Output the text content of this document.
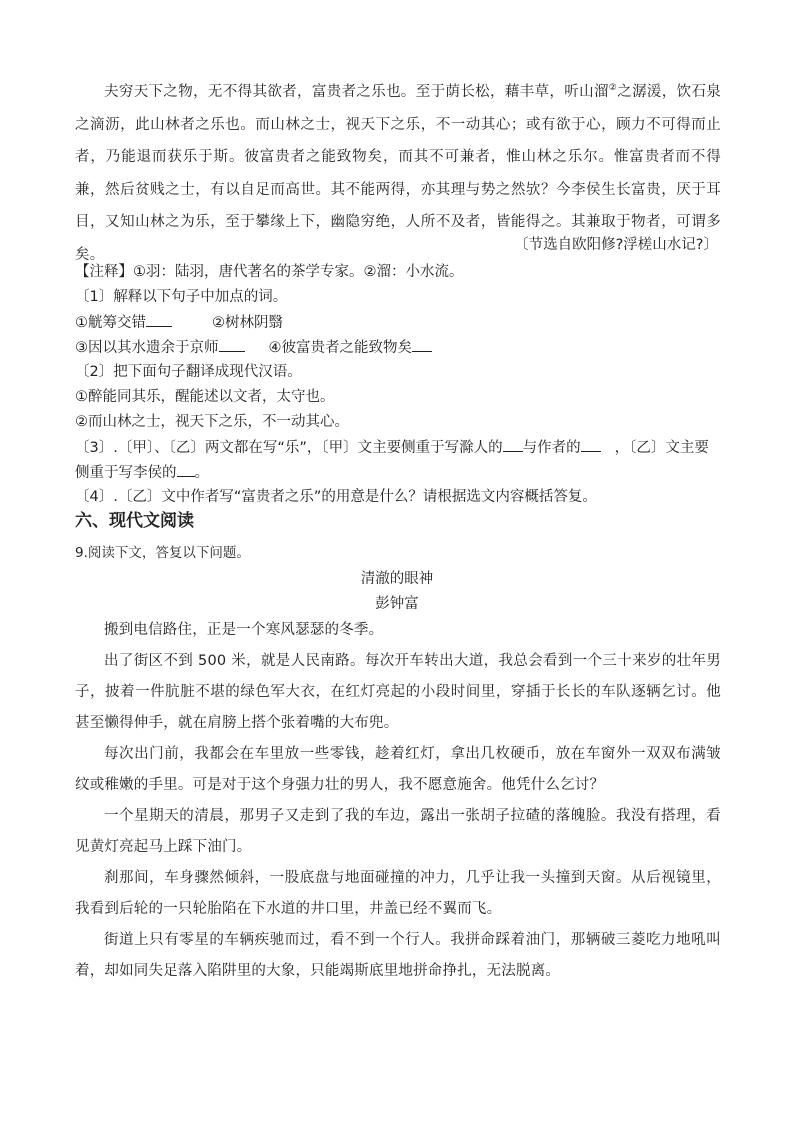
夫穷天下之物，无不得其欲者，富贵者之乐也。至于荫长松，藉丰草，听山溜②之潺湲，饮石泉之滴沥，此山林者之乐也。而山林之士，视天下之乐，不一动其心；或有欲于心，顾力不可得而止者，乃能退而获乐于斯。彼富贵者之能致物矣，而其不可兼者，惟山林之乐尔。惟富贵者而不得兼，然后贫贱之士，有以自足而高世。其不能两得，亦其理与势之然欤？今李侯生长富贵，厌于耳目，又知山林之为乐，至于攀缘上下，幽隐穷绝，人所不及者，皆能得之。其兼取于物者，可谓多矣。

〔节选自欧阳修?浮槎山水记?〕
【注释】①羽：陆羽，唐代著名的茶学专家。②溜：小水流。
〔1〕解释以下句子中加点的词。
①觥筹交错	②树林阴翳
③因以其水遗余于京师	④彼富贵者之能致物矣
〔2〕把下面句子翻译成现代汉语。
①醉能同其乐，醒能述以文者，太守也。
②而山林之士，视天下之乐，不一动其心。
〔3〕.〔甲〕、〔乙〕两文都在写“乐”，〔甲〕文主要侧重于写滁人的 与作者的 ，〔乙〕文主要
侧重于写李侯的 。
〔4〕.〔乙〕文中作者写“富贵者之乐”的用意是什么？请根据选文内容概括答复。
六、现代文阅读
9.阅读下文，答复以下问题。
清澈的眼神
彭钟富

搬到电信路住，正是一个寒风瑟瑟的冬季。

出了街区不到 500 米，就是人民南路。每次开车转出大道，我总会看到一个三十来岁的壮年男子，披着一件肮脏不堪的绿色军大衣，在红灯亮起的小段时间里，穿插于长长的车队逐辆乞讨。他甚至懒得伸手，就在肩膀上搭个张着嘴的大布兜。

每次出门前，我都会在车里放一些零钱，趁着红灯，拿出几枚硬币，放在车窗外一双双布满皱纹或稚嫩的手里。可是对于这个身强力壮的男人，我不愿意施舍。他凭什么乞讨？

一个星期天的清晨，那男子又走到了我的车边，露出一张胡子拉碴的落魄脸。我没有搭理，看见黄灯亮起马上踩下油门。

刹那间，车身骤然倾斜，一股底盘与地面碰撞的冲力，几乎让我一头撞到天窗。从后视镜里，我看到后轮的一只轮胎陷在下水道的井口里，井盖已经不翼而飞。

街道上只有零星的车辆疾驰而过，看不到一个行人。我拼命踩着油门，那辆破三菱吃力地吼叫着，却如同失足落入陷阱里的大象，只能竭斯底里地拼命挣扎，无法脱离。
